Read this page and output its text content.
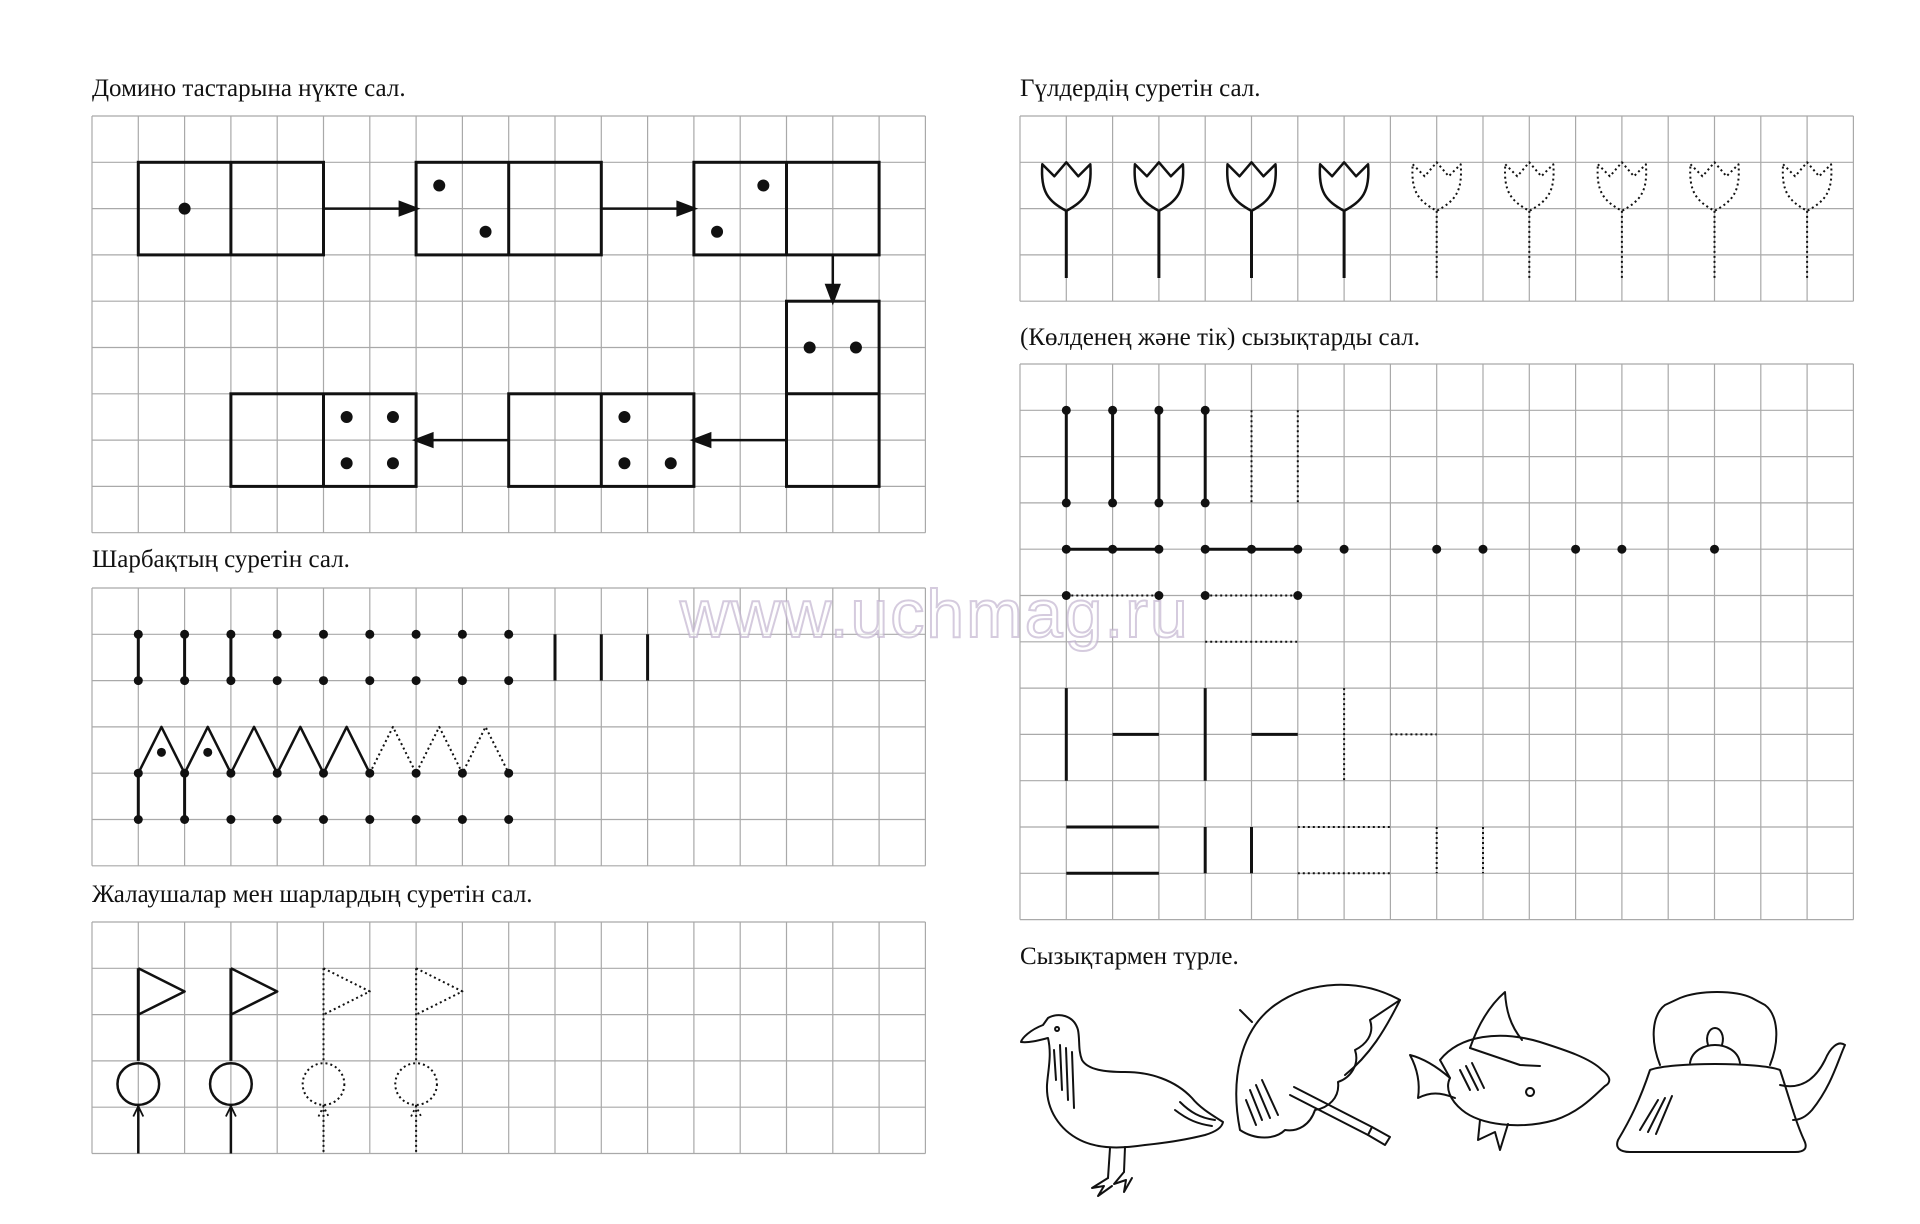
Домино тастарына нүкте сал.
Шарбақтың суретін сал.
Жалаушалар мен шарлардың суретін сал.
Гүлдердің суретін сал.
(Көлденең және тік) сызықтарды сал.
Сызықтармен түрле.
www.uchmag.ru
